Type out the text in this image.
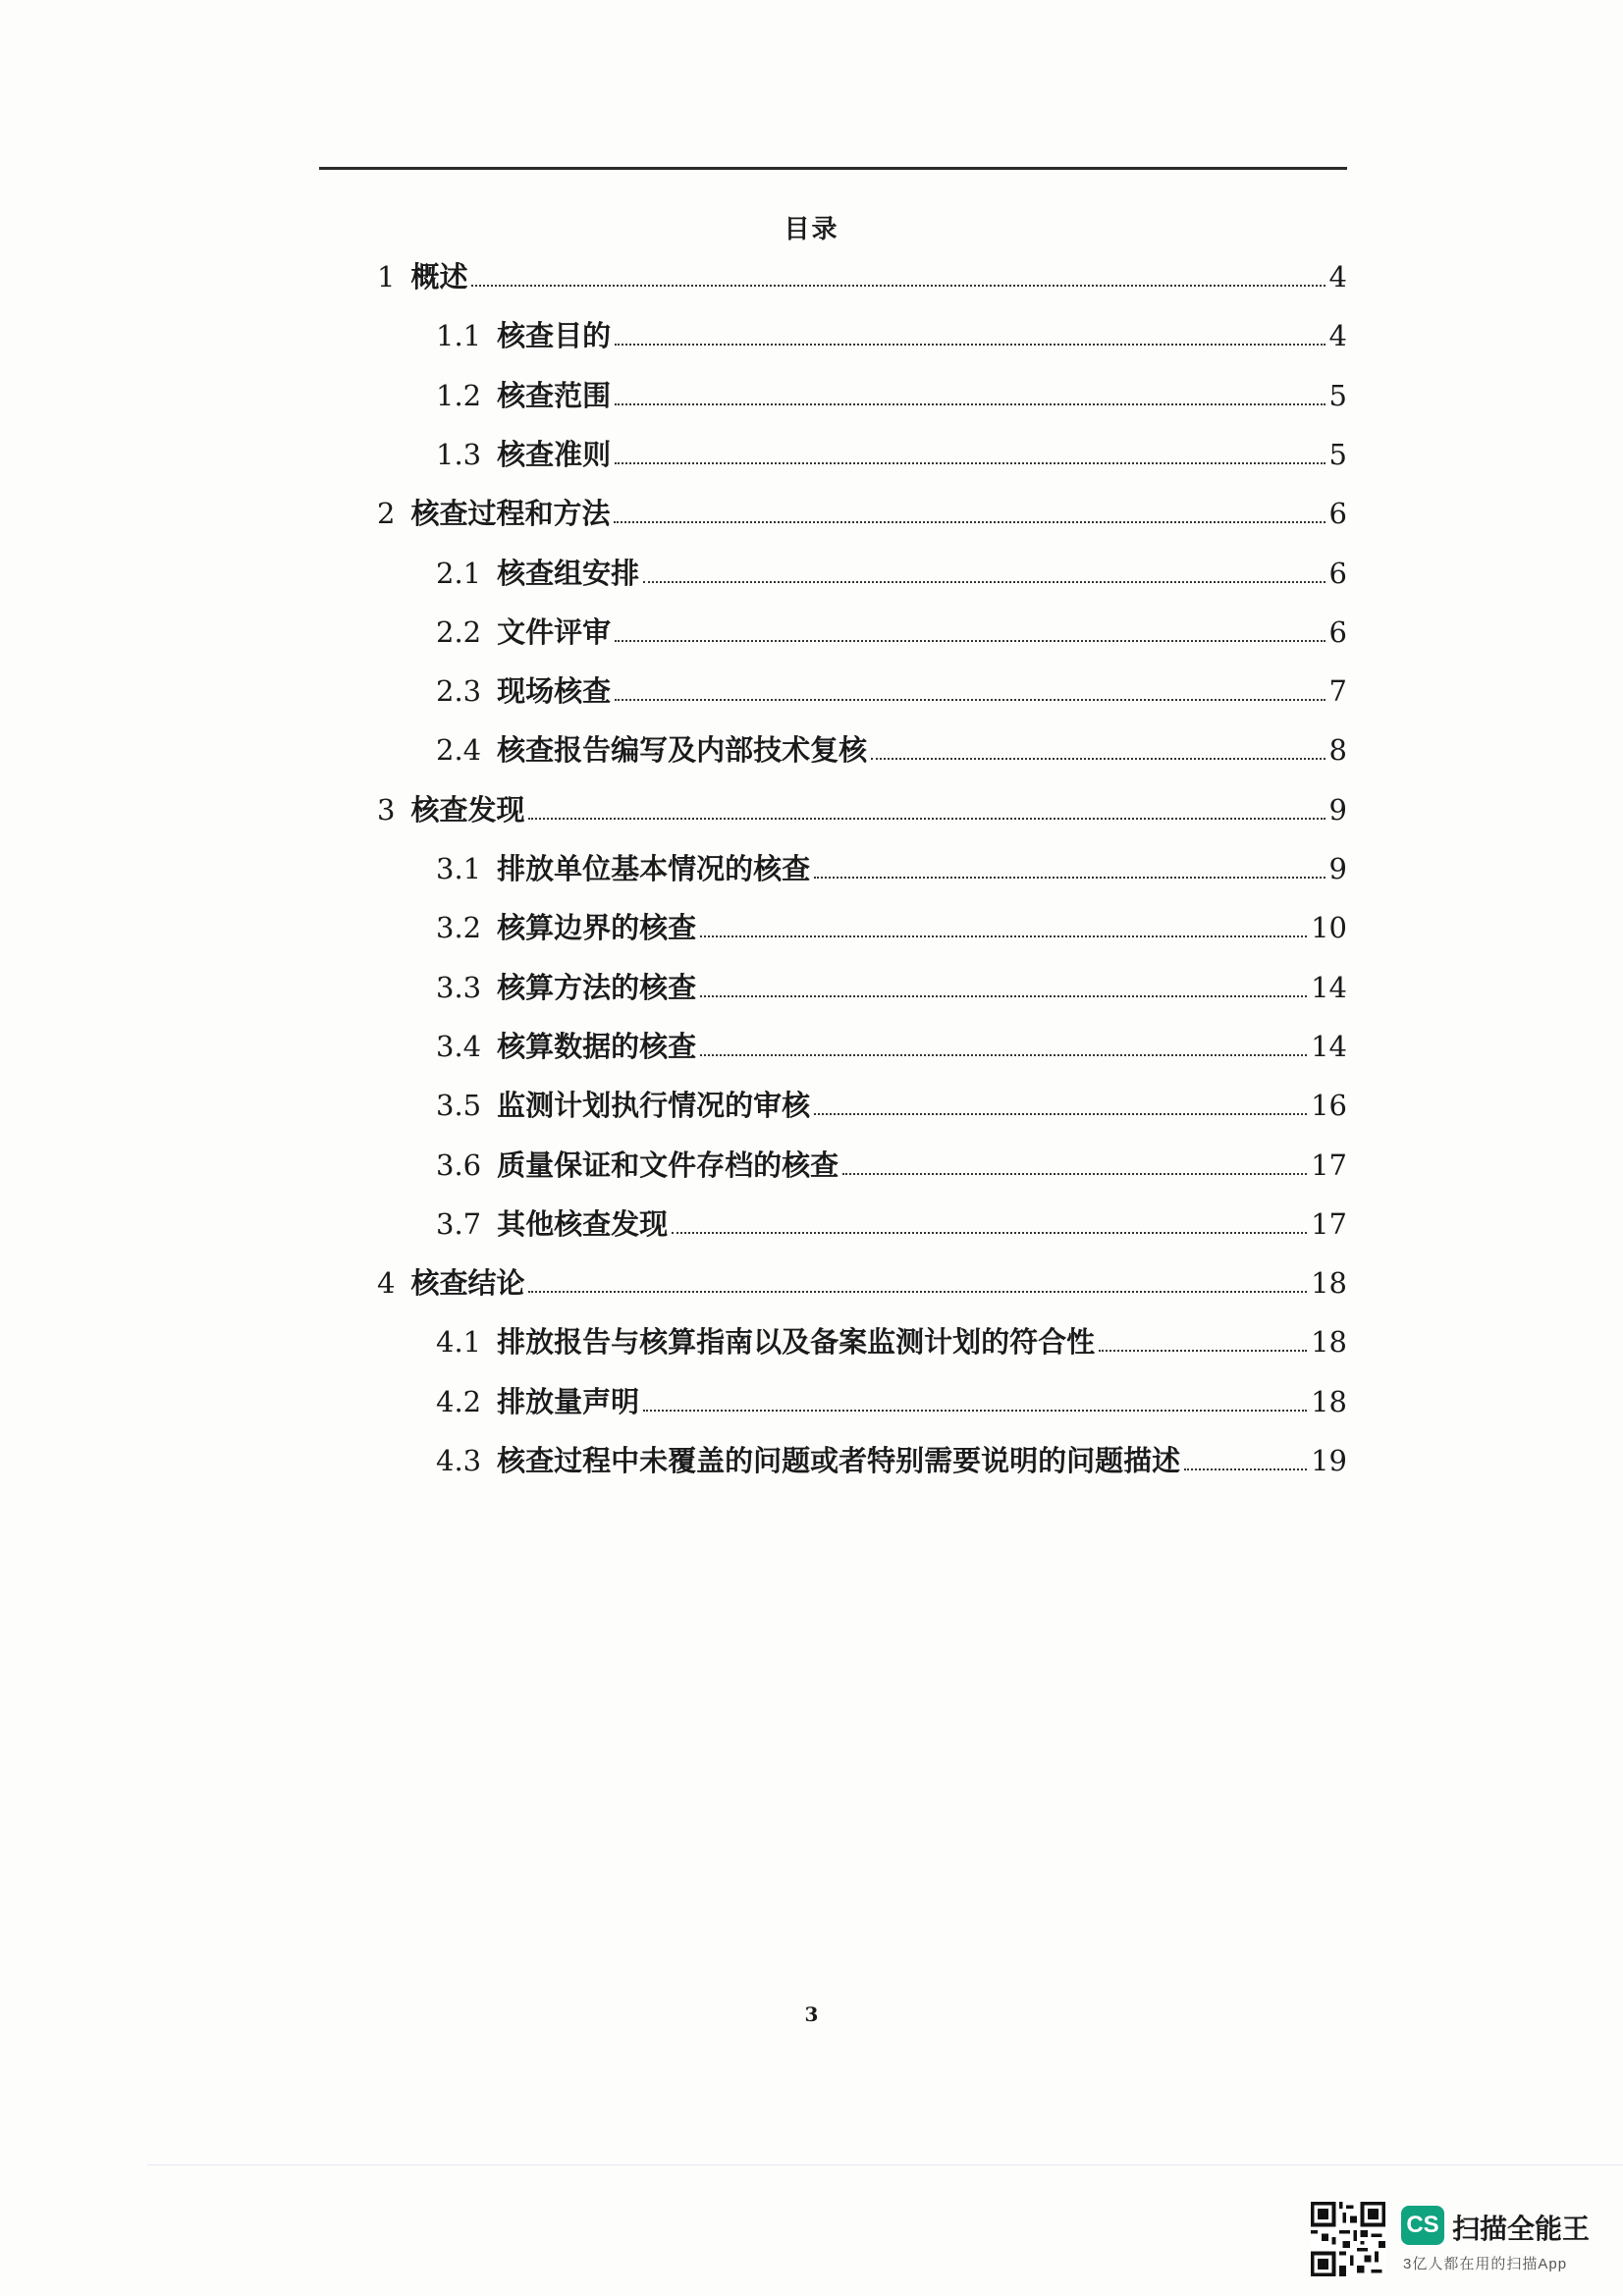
目录
1 概述	4
1.1 核查目的	4
1.2 核查范围	5
1.3 核查准则	5
2 核查过程和方法	6
2.1 核查组安排	6
2.2 文件评审	6
2.3 现场核查	7
2.4 核查报告编写及内部技术复核	8
3 核查发现	9
3.1 排放单位基本情况的核查	9
3.2 核算边界的核查	10
3.3 核算方法的核查	14
3.4 核算数据的核查	14
3.5 监测计划执行情况的审核	16
3.6 质量保证和文件存档的核查	17
3.7 其他核查发现	17
4 核查结论	18
4.1 排放报告与核算指南以及备案监测计划的符合性	18
4.2 排放量声明	18
4.3 核查过程中未覆盖的问题或者特别需要说明的问题描述	19
3
CS 扫描全能王
3亿人都在用的扫描App
